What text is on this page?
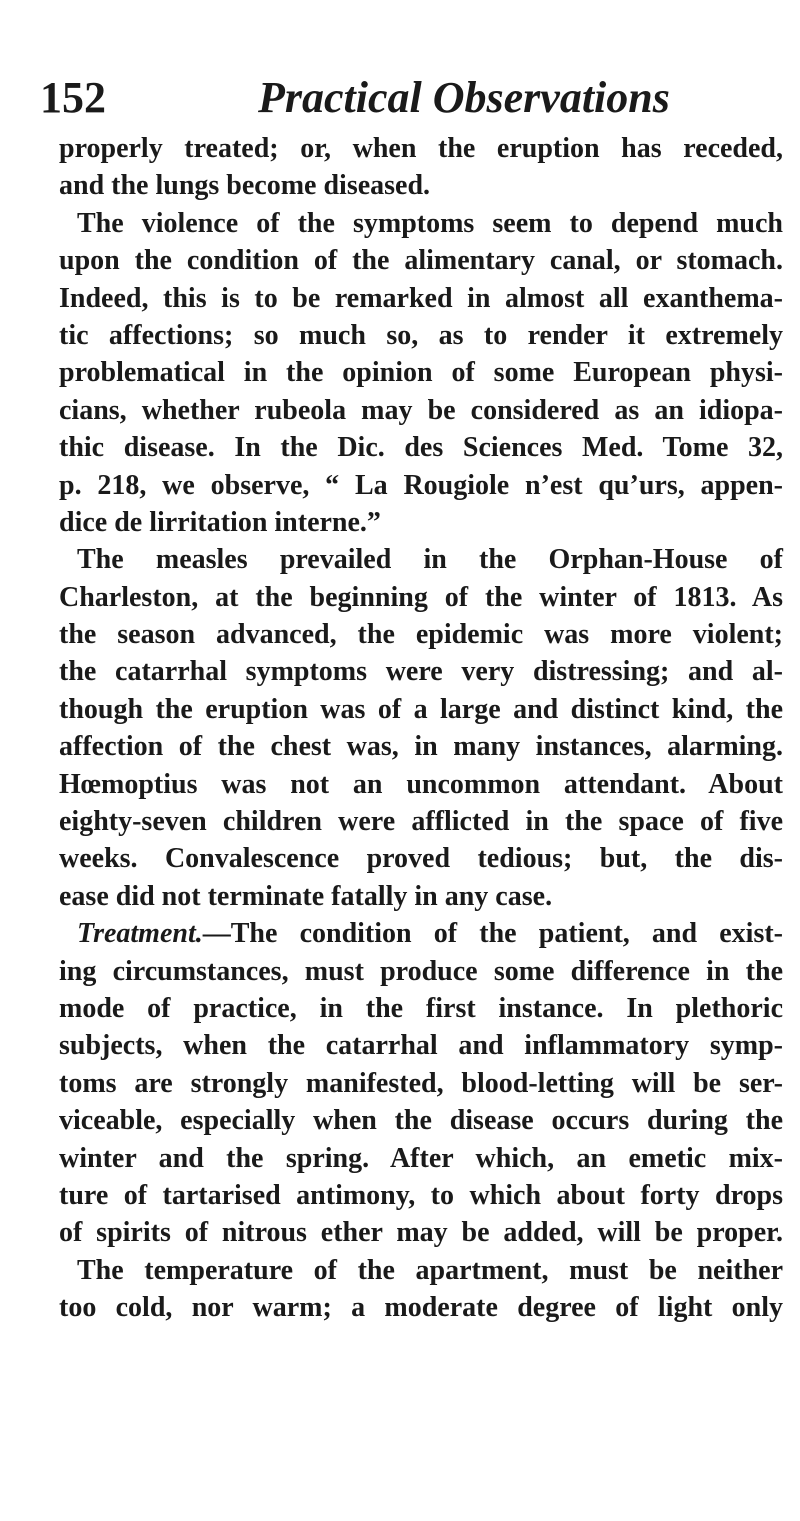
152	Practical Observations
properly treated; or, when the eruption has receded,
and the lungs become diseased.
The violence of the symptoms seem to depend much
upon the condition of the alimentary canal, or stomach.
Indeed, this is to be remarked in almost all exanthema-
tic affections; so much so, as to render it extremely
problematical in the opinion of some European physi-
cians, whether rubeola may be considered as an idiopa-
thic disease. In the Dic. des Sciences Med. Tome 32,
p. 218, we observe, “ La Rougiole n’est qu’urs, appen-
dice de lirritation interne.”
The measles prevailed in the Orphan-House of
Charleston, at the beginning of the winter of 1813. As
the season advanced, the epidemic was more violent;
the catarrhal symptoms were very distressing; and al-
though the eruption was of a large and distinct kind, the
affection of the chest was, in many instances, alarming.
Hœmoptius was not an uncommon attendant. About
eighty-seven children were afflicted in the space of five
weeks. Convalescence proved tedious; but, the dis-
ease did not terminate fatally in any case.
Treatment.—The condition of the patient, and exist-
ing circumstances, must produce some difference in the
mode of practice, in the first instance. In plethoric
subjects, when the catarrhal and inflammatory symp-
toms are strongly manifested, blood-letting will be ser-
viceable, especially when the disease occurs during the
winter and the spring. After which, an emetic mix-
ture of tartarised antimony, to which about forty drops
of spirits of nitrous ether may be added, will be proper.
The temperature of the apartment, must be neither
too cold, nor warm; a moderate degree of light only
